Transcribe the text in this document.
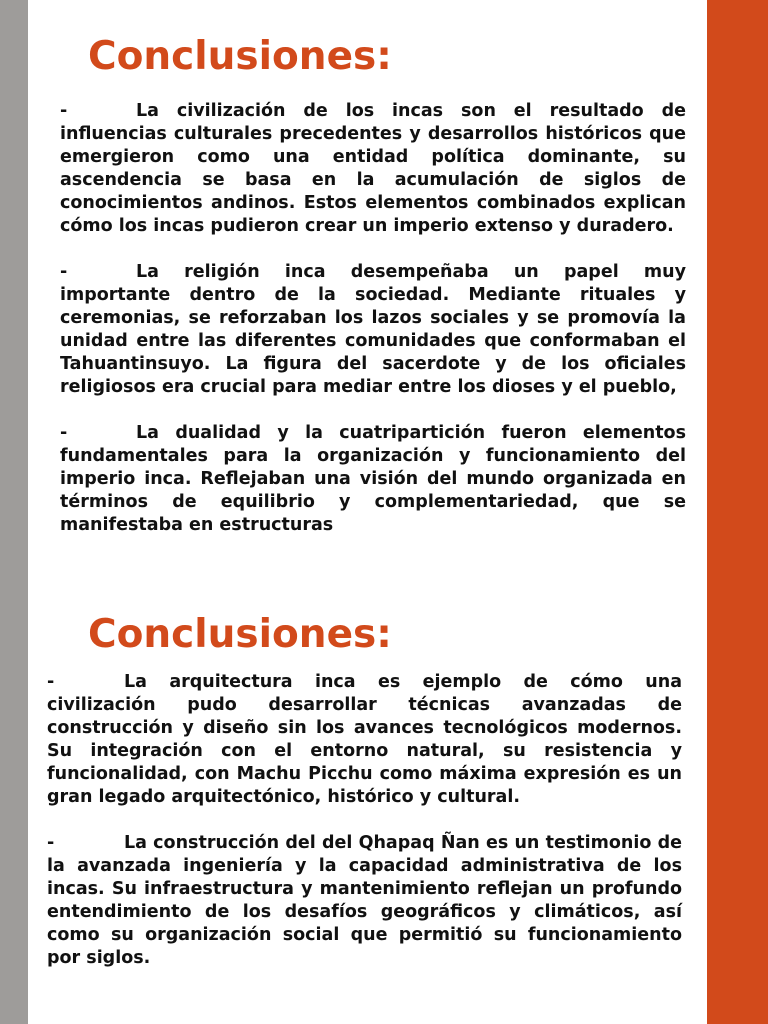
Conclusiones:

-	La civilización de los incas son el resultado de influencias culturales precedentes y desarrollos históricos que emergieron como una entidad política dominante, su ascendencia se basa en la acumulación de siglos de conocimientos andinos. Estos elementos combinados explican cómo los incas pudieron crear un imperio extenso y duradero.

-	La religión inca desempeñaba un papel muy importante dentro de la sociedad. Mediante rituales y ceremonias, se reforzaban los lazos sociales y se promovía la unidad entre las diferentes comunidades que conformaban el Tahuantinsuyo. La figura del sacerdote y de los oficiales religiosos era crucial para mediar entre los dioses y el pueblo,

-	La dualidad y la cuatripartición fueron elementos fundamentales para la organización y funcionamiento del imperio inca. Reflejaban una visión del mundo organizada en términos de equilibrio y complementariedad, que se manifestaba en estructuras

Conclusiones:

-	La arquitectura inca es ejemplo de cómo una civilización pudo desarrollar técnicas avanzadas de construcción y diseño sin los avances tecnológicos modernos. Su integración con el entorno natural, su resistencia y funcionalidad, con Machu Picchu como máxima expresión es un gran legado arquitectónico, histórico y cultural.

-	La construcción del del Qhapaq Ñan es un testimonio de la avanzada ingeniería y la capacidad administrativa de los incas. Su infraestructura y mantenimiento reflejan un profundo entendimiento de los desafíos geográficos y climáticos, así como su organización social que permitió su funcionamiento por siglos.
